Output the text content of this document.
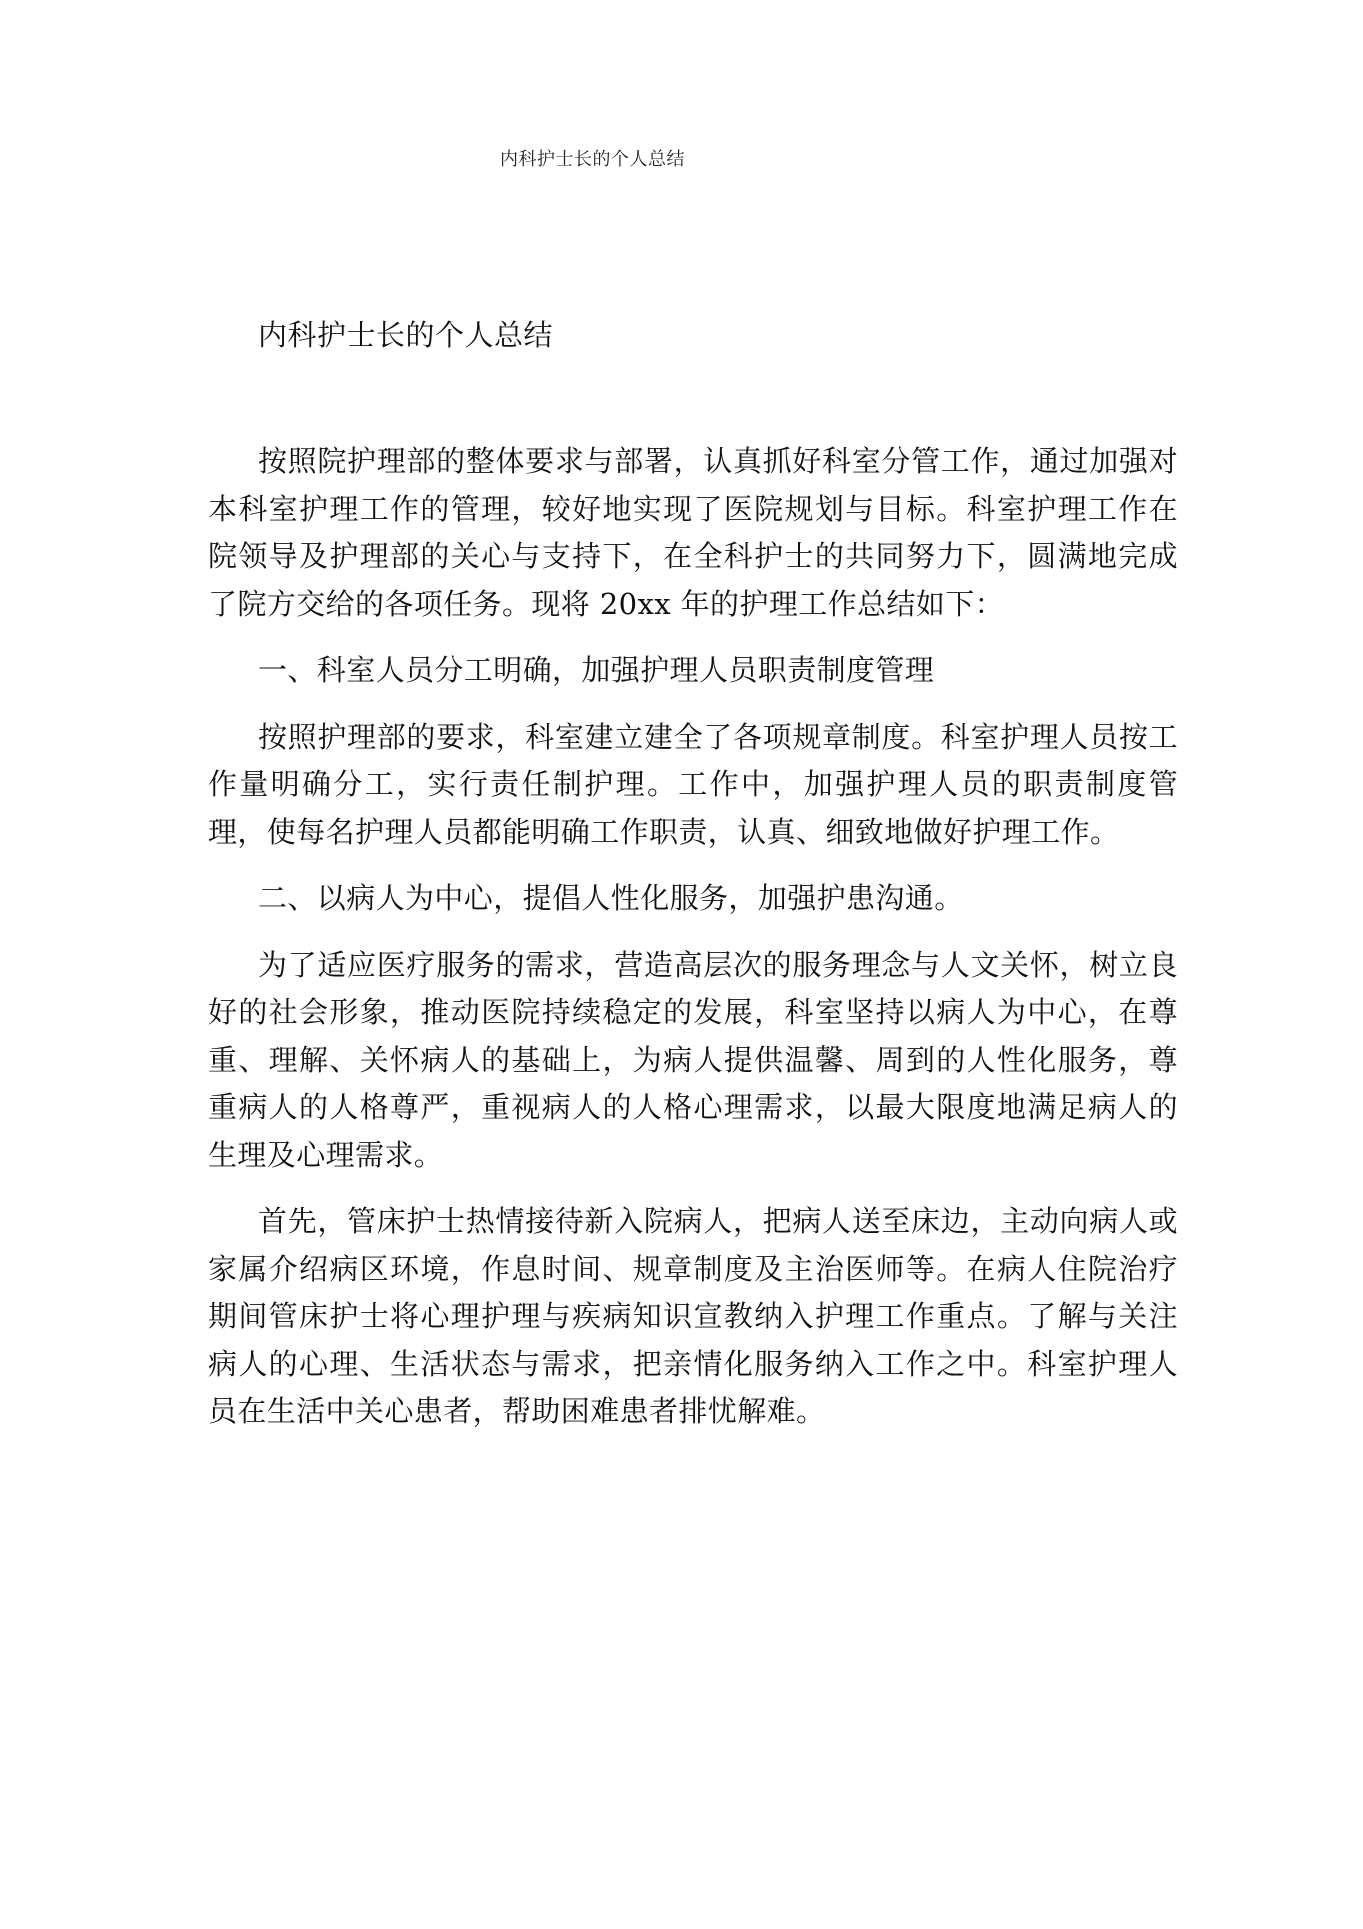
内科护士长的个人总结
内科护士长的个人总结

按照院护理部的整体要求与部署，认真抓好科室分管工作，通过加强对本科室护理工作的管理，较好地实现了医院规划与目标。科室护理工作在院领导及护理部的关心与支持下，在全科护士的共同努力下，圆满地完成了院方交给的各项任务。现将 20xx 年的护理工作总结如下：

一、科室人员分工明确，加强护理人员职责制度管理

按照护理部的要求，科室建立建全了各项规章制度。科室护理人员按工作量明确分工，实行责任制护理。工作中，加强护理人员的职责制度管理，使每名护理人员都能明确工作职责，认真、细致地做好护理工作。

二、以病人为中心，提倡人性化服务，加强护患沟通。

为了适应医疗服务的需求，营造高层次的服务理念与人文关怀，树立良好的社会形象，推动医院持续稳定的发展，科室坚持以病人为中心，在尊重、理解、关怀病人的基础上，为病人提供温馨、周到的人性化服务，尊重病人的人格尊严，重视病人的人格心理需求，以最大限度地满足病人的生理及心理需求。

首先，管床护士热情接待新入院病人，把病人送至床边，主动向病人或家属介绍病区环境，作息时间、规章制度及主治医师等。在病人住院治疗期间管床护士将心理护理与疾病知识宣教纳入护理工作重点。了解与关注病人的心理、生活状态与需求，把亲情化服务纳入工作之中。科室护理人员在生活中关心患者，帮助困难患者排忧解难。
